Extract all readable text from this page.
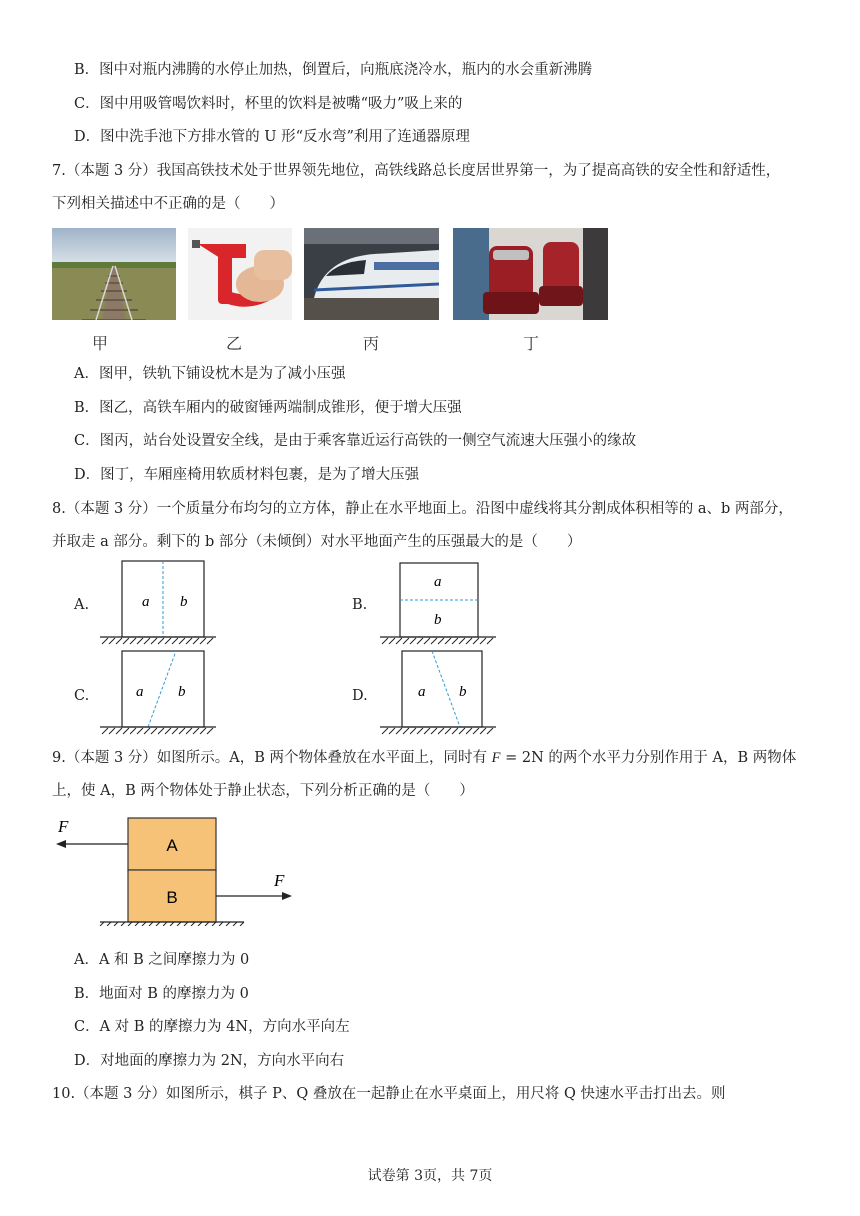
B．图中对瓶内沸腾的水停止加热，倒置后，向瓶底浇冷水，瓶内的水会重新沸腾
C．图中用吸管喝饮料时，杯里的饮料是被嘴“吸力”吸上来的
D．图中洗手池下方排水管的 U 形“反水弯”利用了连通器原理
7.（本题 3 分）我国高铁技术处于世界领先地位，高铁线路总长度居世界第一，为了提高高铁的安全性和舒适性，
下列相关描述中不正确的是（　　）
甲	乙	丙	丁
A．图甲，铁轨下铺设枕木是为了减小压强
B．图乙，高铁车厢内的破窗锤两端制成锥形，便于增大压强
C．图丙，站台处设置安全线，是由于乘客靠近运行高铁的一侧空气流速大压强小的缘故
D．图丁，车厢座椅用软质材料包裹，是为了增大压强
8.（本题 3 分）一个质量分布均匀的立方体，静止在水平地面上。沿图中虚线将其分割成体积相等的 a、b 两部分，
并取走 a 部分。剩下的 b 部分（未倾倒）对水平地面产生的压强最大的是（　　）
A.	B.
C.	D.
a b
a
b
a b	a b
9.（本题 3 分）如图所示。A，B 两个物体叠放在水平面上，同时有 F = 2N 的两个水平力分别作用于 A，B 两物体
上，使 A，B 两个物体处于静止状态，下列分析正确的是（　　）
A
B
F
F
A．A 和 B 之间摩擦力为 0
B．地面对 B 的摩擦力为 0
C．A 对 B 的摩擦力为 4N，方向水平向左
D．对地面的摩擦力为 2N，方向水平向右
10.（本题 3 分）如图所示，棋子 P、Q 叠放在一起静止在水平桌面上，用尺将 Q 快速水平击打出去。则
试卷第 3页，共 7页
